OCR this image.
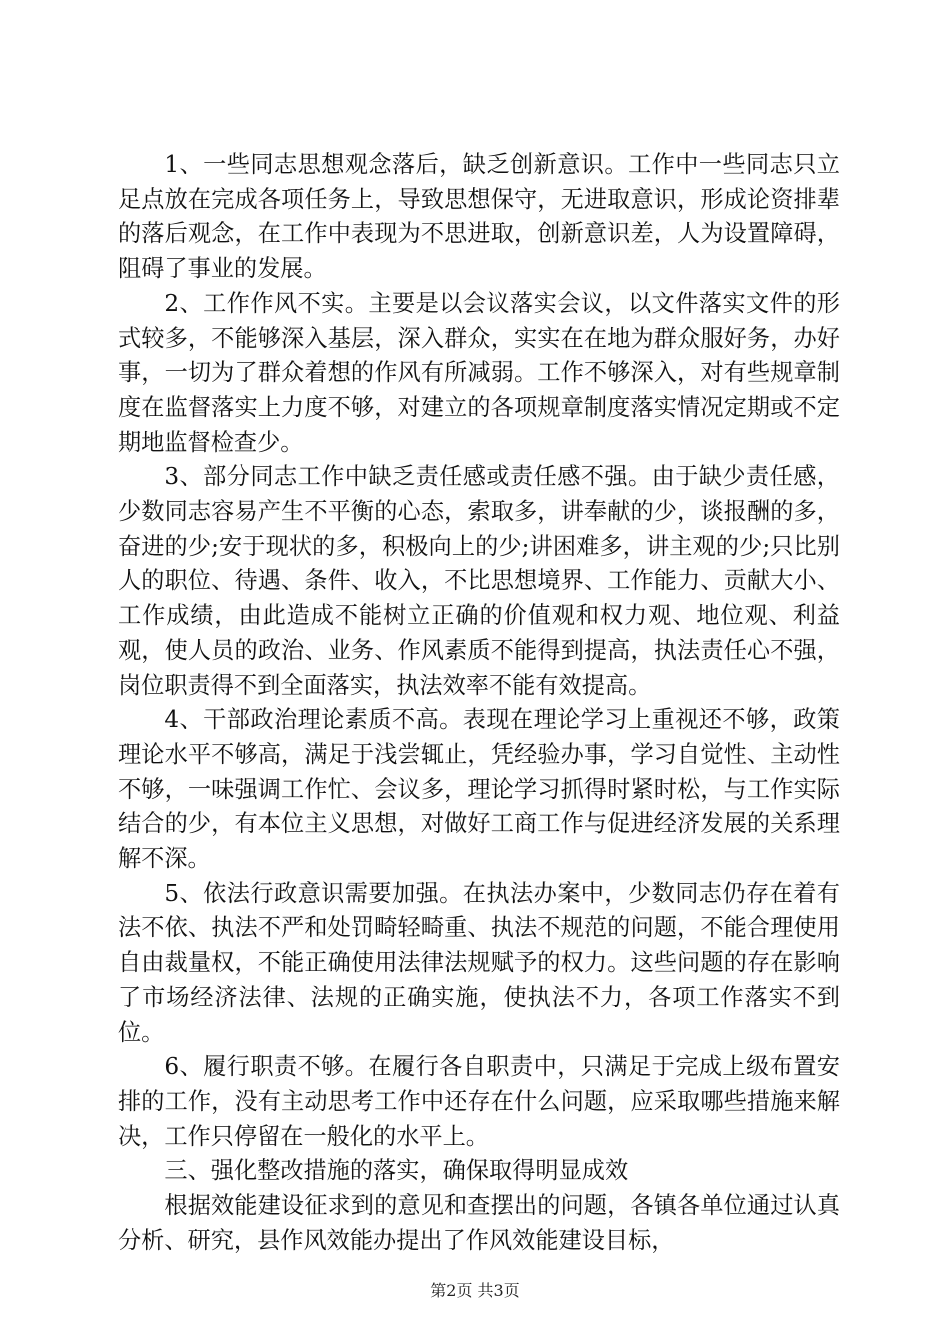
1、一些同志思想观念落后，缺乏创新意识。工作中一些同志只立足点放在完成各项任务上，导致思想保守，无进取意识，形成论资排辈的落后观念，在工作中表现为不思进取，创新意识差，人为设置障碍，阻碍了事业的发展。

2、工作作风不实。主要是以会议落实会议，以文件落实文件的形式较多，不能够深入基层，深入群众，实实在在地为群众服好务，办好事，一切为了群众着想的作风有所减弱。工作不够深入，对有些规章制度在监督落实上力度不够，对建立的各项规章制度落实情况定期或不定期地监督检查少。

3、部分同志工作中缺乏责任感或责任感不强。由于缺少责任感，少数同志容易产生不平衡的心态，索取多，讲奉献的少，谈报酬的多，奋进的少;安于现状的多，积极向上的少;讲困难多，讲主观的少;只比别人的职位、待遇、条件、收入，不比思想境界、工作能力、贡献大小、工作成绩，由此造成不能树立正确的价值观和权力观、地位观、利益观，使人员的政治、业务、作风素质不能得到提高，执法责任心不强，岗位职责得不到全面落实，执法效率不能有效提高。

4、干部政治理论素质不高。表现在理论学习上重视还不够，政策理论水平不够高，满足于浅尝辄止，凭经验办事，学习自觉性、主动性不够，一味强调工作忙、会议多，理论学习抓得时紧时松，与工作实际结合的少，有本位主义思想，对做好工商工作与促进经济发展的关系理解不深。

5、依法行政意识需要加强。在执法办案中，少数同志仍存在着有法不依、执法不严和处罚畸轻畸重、执法不规范的问题，不能合理使用自由裁量权，不能正确使用法律法规赋予的权力。这些问题的存在影响了市场经济法律、法规的正确实施，使执法不力，各项工作落实不到位。

6、履行职责不够。在履行各自职责中，只满足于完成上级布置安排的工作，没有主动思考工作中还存在什么问题，应采取哪些措施来解决，工作只停留在一般化的水平上。

三、强化整改措施的落实，确保取得明显成效

根据效能建设征求到的意见和查摆出的问题，各镇各单位通过认真分析、研究，县作风效能办提出了作风效能建设目标，

第2页 共3页
